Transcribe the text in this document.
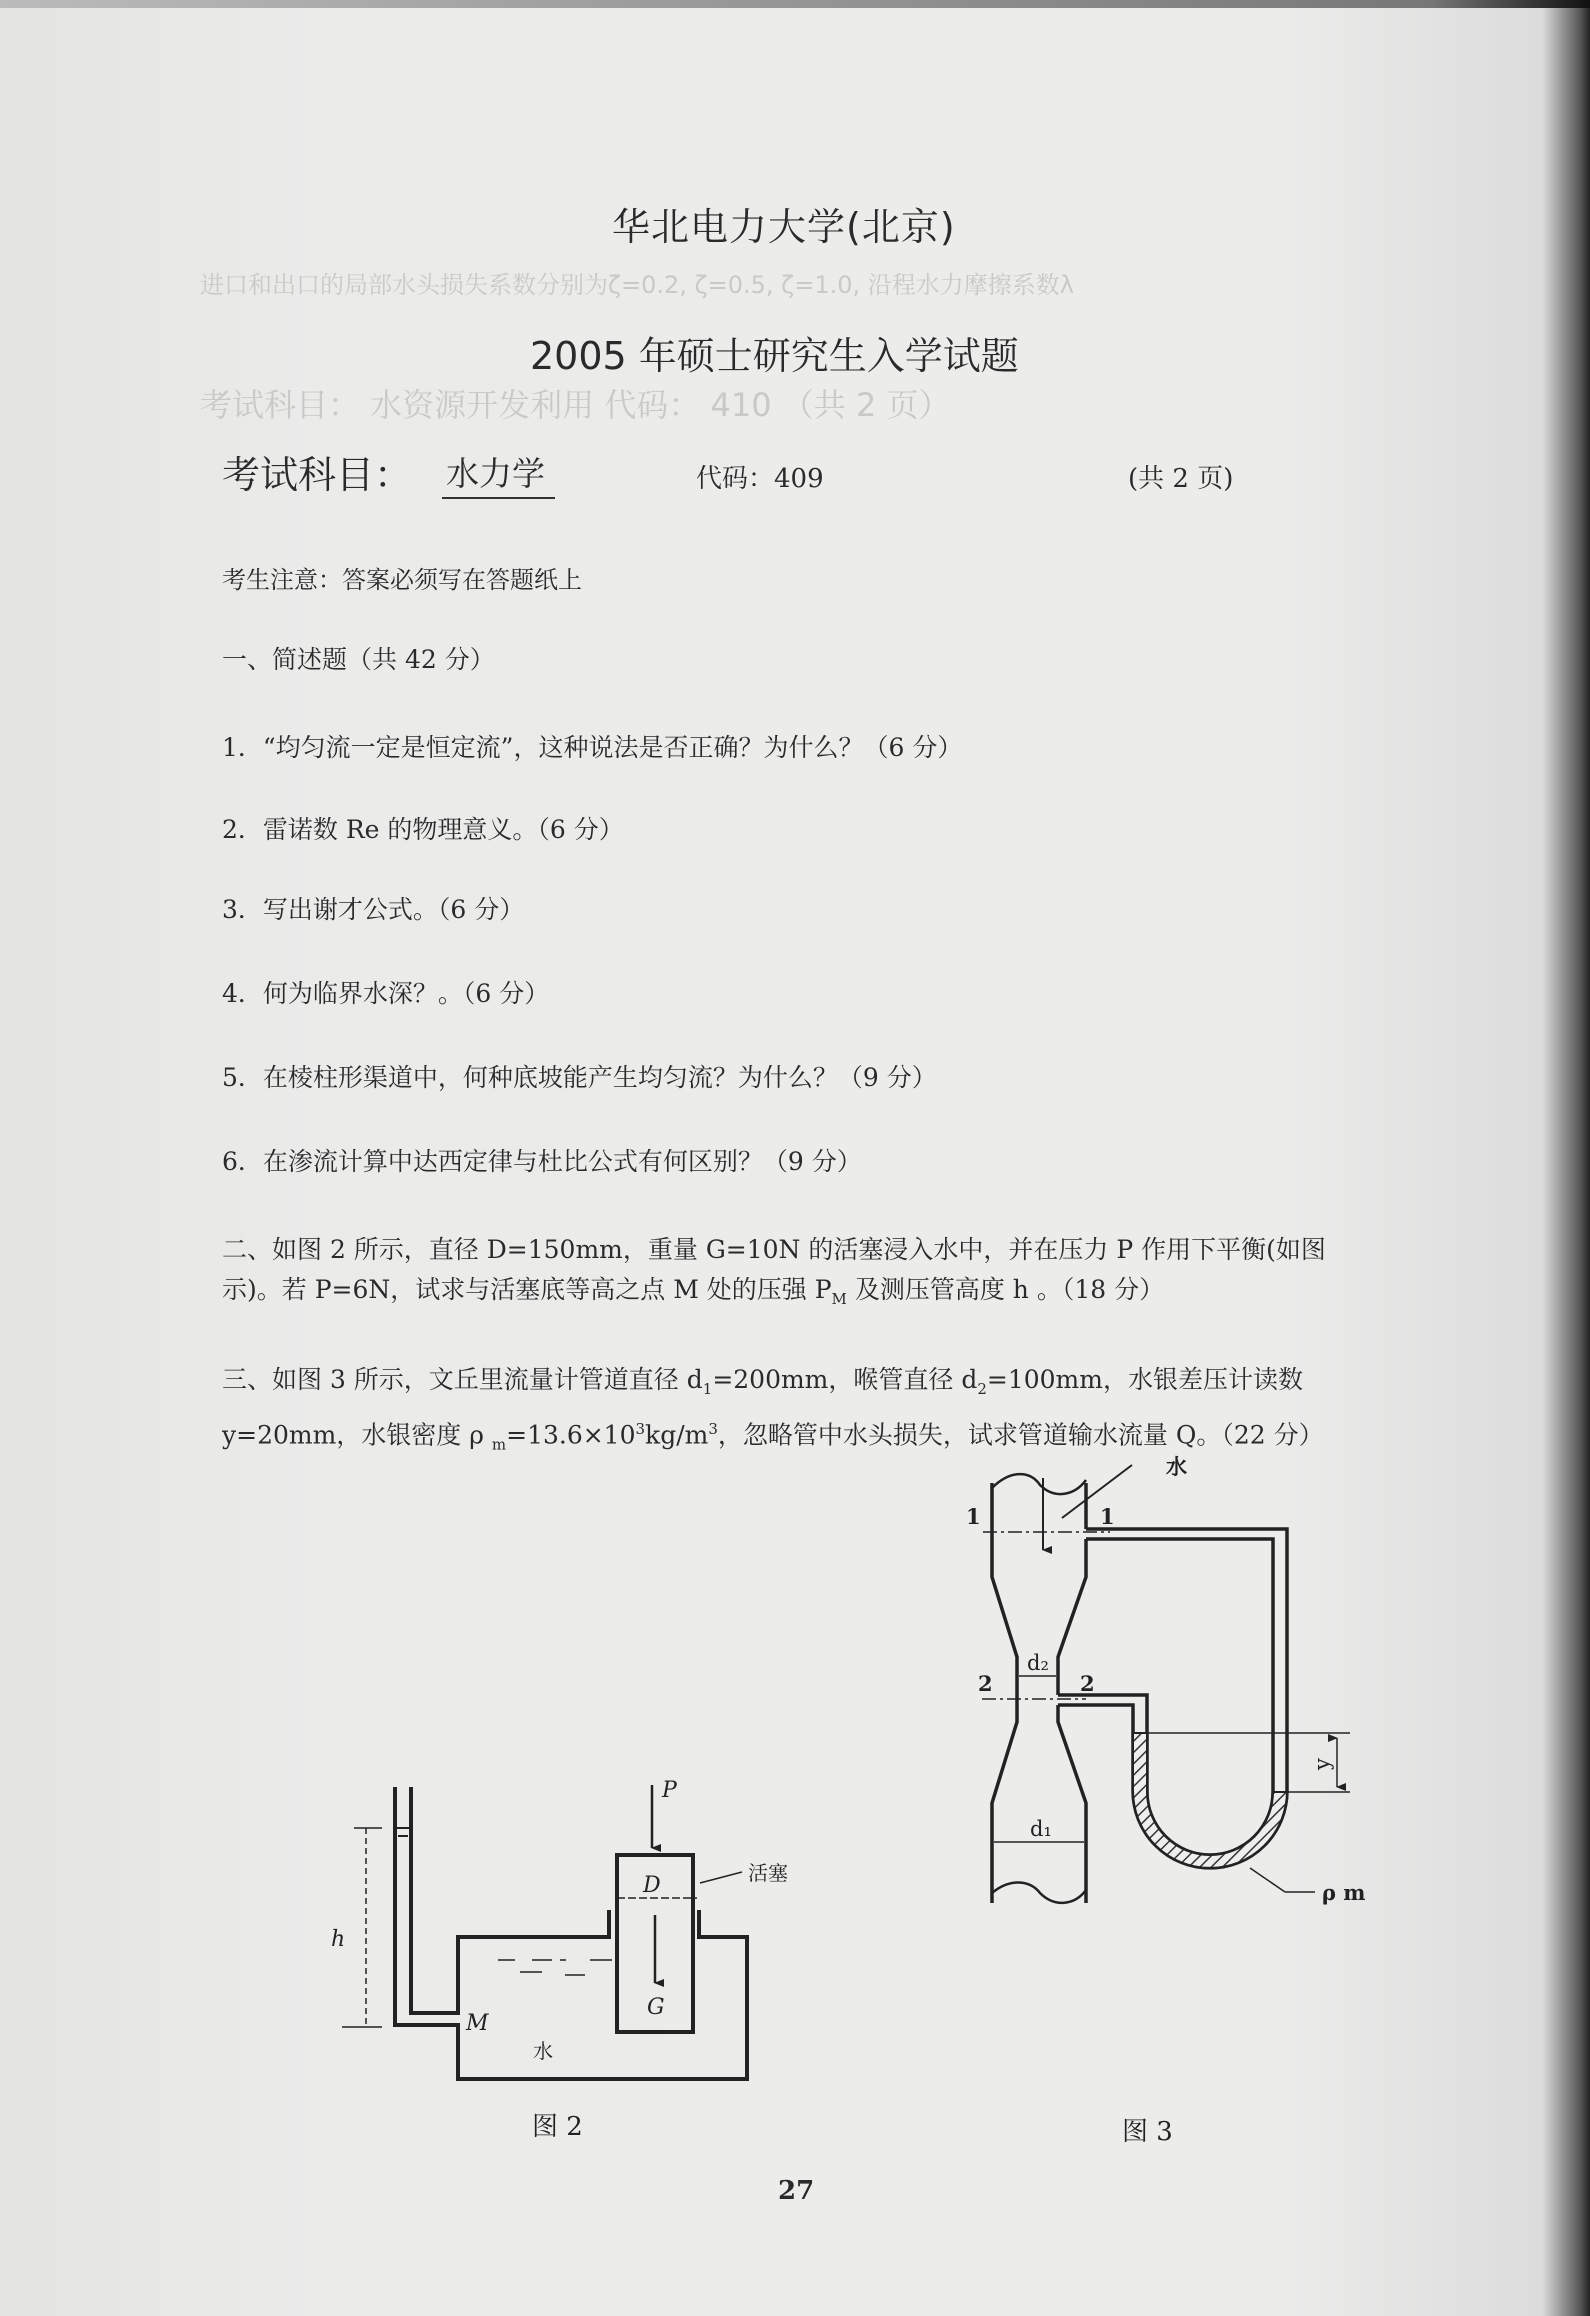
进口和出口的局部水头损失系数分别为ζ=0.2, ζ=0.5, ζ=1.0, 沿程水力摩擦系数λ
考试科目： 水资源开发利用 代码： 410 （共 2 页）
华北电力大学(北京)
2005 年硕士研究生入学试题
考试科目： 水力学	代码：409	(共 2 页)
考生注意：答案必须写在答题纸上
一、简述题（共 42 分）
1．“均匀流一定是恒定流”，这种说法是否正确？为什么？（6 分）
2．雷诺数 Re 的物理意义。（6 分）
3．写出谢才公式。（6 分）
4．何为临界水深？。（6 分）
5．在棱柱形渠道中，何种底坡能产生均匀流？为什么？（9 分）
6．在渗流计算中达西定律与杜比公式有何区别？（9 分）
二、如图 2 所示，直径 D=150mm，重量 G=10N 的活塞浸入水中，并在压力 P 作用下平衡(如图示)。若 P=6N，试求与活塞底等高之点 M 处的压强 $P_M$ 及测压管高度 h 。（18 分）
三、如图 3 所示，文丘里流量计管道直径 $d_1=200mm$，喉管直径 $d_2=100mm$，水银差压计读数 y=20mm，水银密度 ρ $_m=13.6\times 10^3kg/m^3$，忽略管中水头损失，试求管道输水流量 Q。（22 分）
P
D
G
M
h
活塞
水
图 2
水
1	1
2	2
d₂
d₁
y
ρ m
图 3
27
